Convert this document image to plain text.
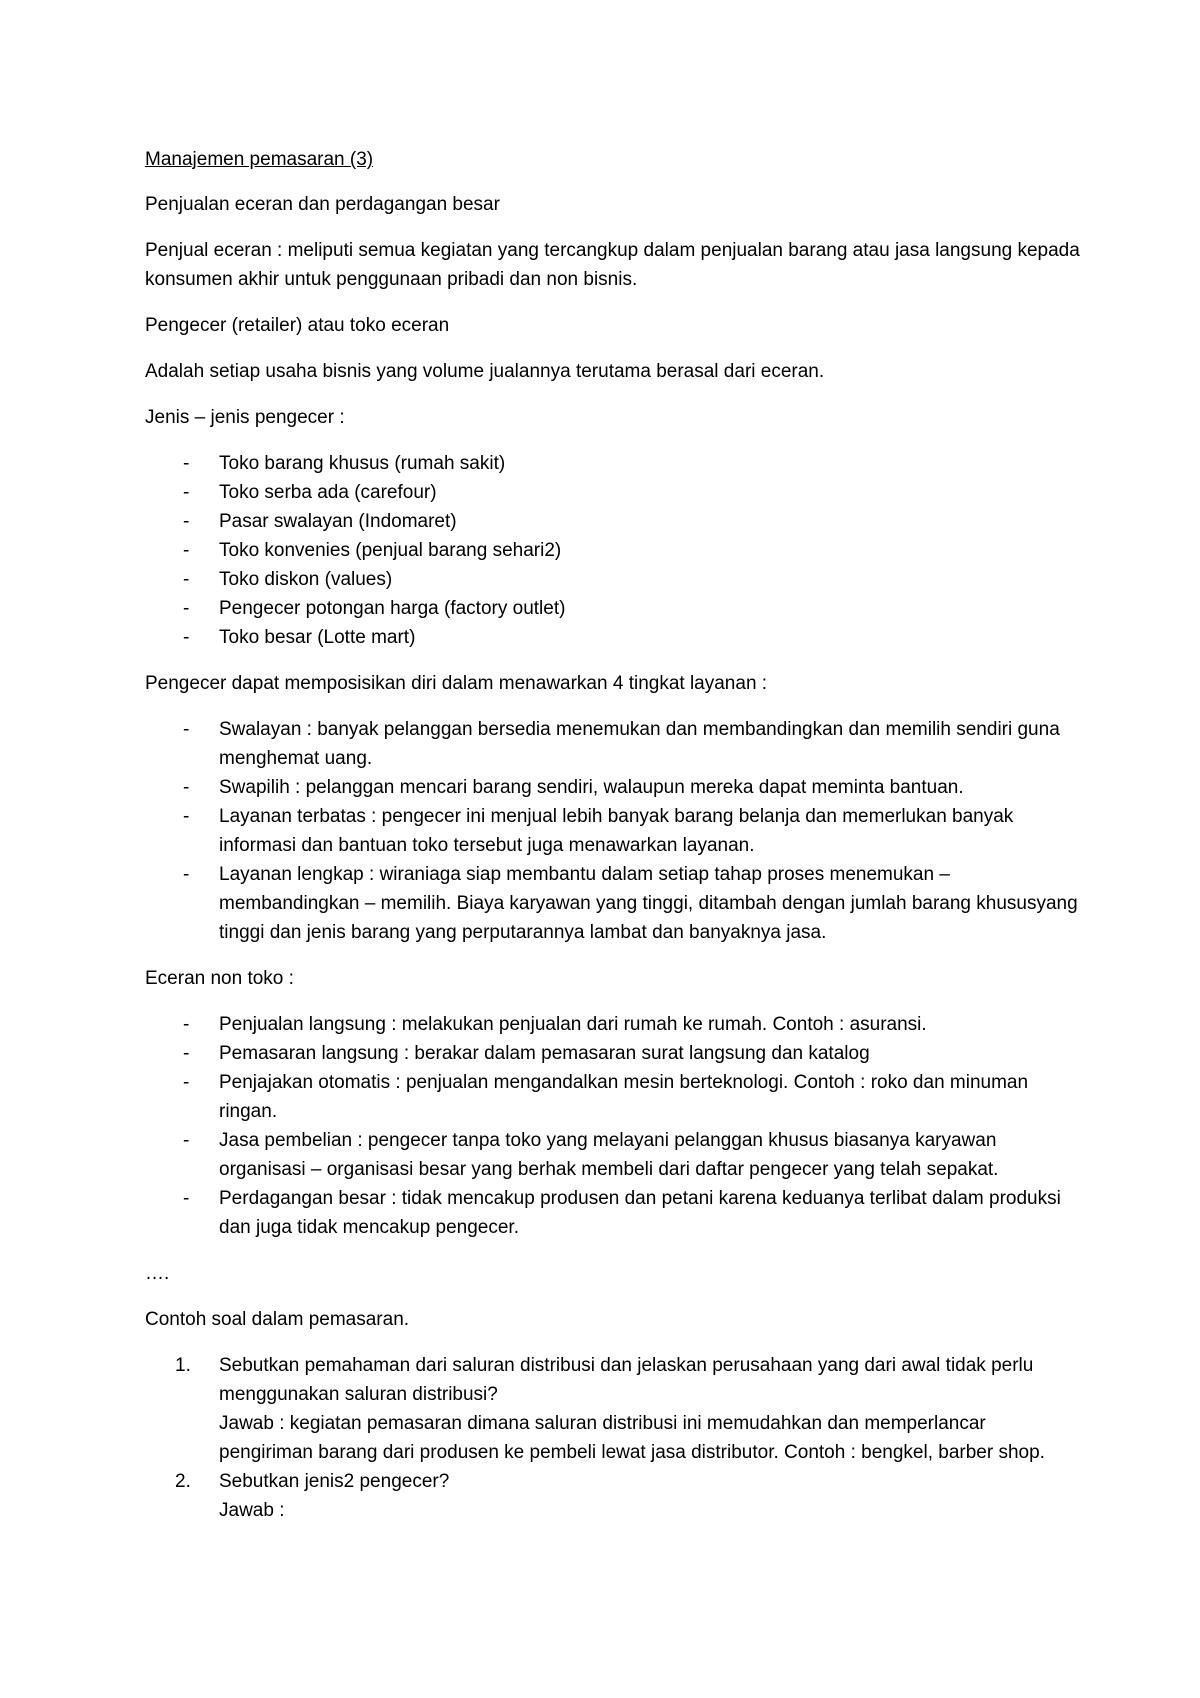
Manajemen pemasaran (3)

Penjualan eceran dan perdagangan besar

Penjual eceran : meliputi semua kegiatan yang tercangkup dalam penjualan barang atau jasa langsung kepada konsumen akhir untuk penggunaan pribadi dan non bisnis.

Pengecer (retailer) atau toko eceran

Adalah setiap usaha bisnis yang volume jualannya terutama berasal dari eceran.

Jenis – jenis pengecer :

- Toko barang khusus (rumah sakit)
- Toko serba ada (carefour)
- Pasar swalayan (Indomaret)
- Toko konvenies (penjual barang sehari2)
- Toko diskon (values)
- Pengecer potongan harga (factory outlet)
- Toko besar (Lotte mart)

Pengecer dapat memposisikan diri dalam menawarkan 4 tingkat layanan :

- Swalayan : banyak pelanggan bersedia menemukan dan membandingkan dan memilih sendiri guna menghemat uang.
- Swapilih : pelanggan mencari barang sendiri, walaupun mereka dapat meminta bantuan.
- Layanan terbatas : pengecer ini menjual lebih banyak barang belanja dan memerlukan banyak informasi dan bantuan toko tersebut juga menawarkan layanan.
- Layanan lengkap : wiraniaga siap membantu dalam setiap tahap proses menemukan – membandingkan – memilih. Biaya karyawan yang tinggi, ditambah dengan jumlah barang khususyang tinggi dan jenis barang yang perputarannya lambat dan banyaknya jasa.

Eceran non toko :

- Penjualan langsung : melakukan penjualan dari rumah ke rumah. Contoh : asuransi.
- Pemasaran langsung : berakar dalam pemasaran surat langsung dan katalog
- Penjajakan otomatis : penjualan mengandalkan mesin berteknologi. Contoh : roko dan minuman ringan.
- Jasa pembelian : pengecer tanpa toko yang melayani pelanggan khusus biasanya karyawan organisasi – organisasi besar yang berhak membeli dari daftar pengecer yang telah sepakat.
- Perdagangan besar : tidak mencakup produsen dan petani karena keduanya terlibat dalam produksi dan juga tidak mencakup pengecer.

….

Contoh soal dalam pemasaran.

1. Sebutkan pemahaman dari saluran distribusi dan jelaskan perusahaan yang dari awal tidak perlu menggunakan saluran distribusi?
Jawab : kegiatan pemasaran dimana saluran distribusi ini memudahkan dan memperlancar pengiriman barang dari produsen ke pembeli lewat jasa distributor. Contoh : bengkel, barber shop.
2. Sebutkan jenis2 pengecer?
Jawab :
